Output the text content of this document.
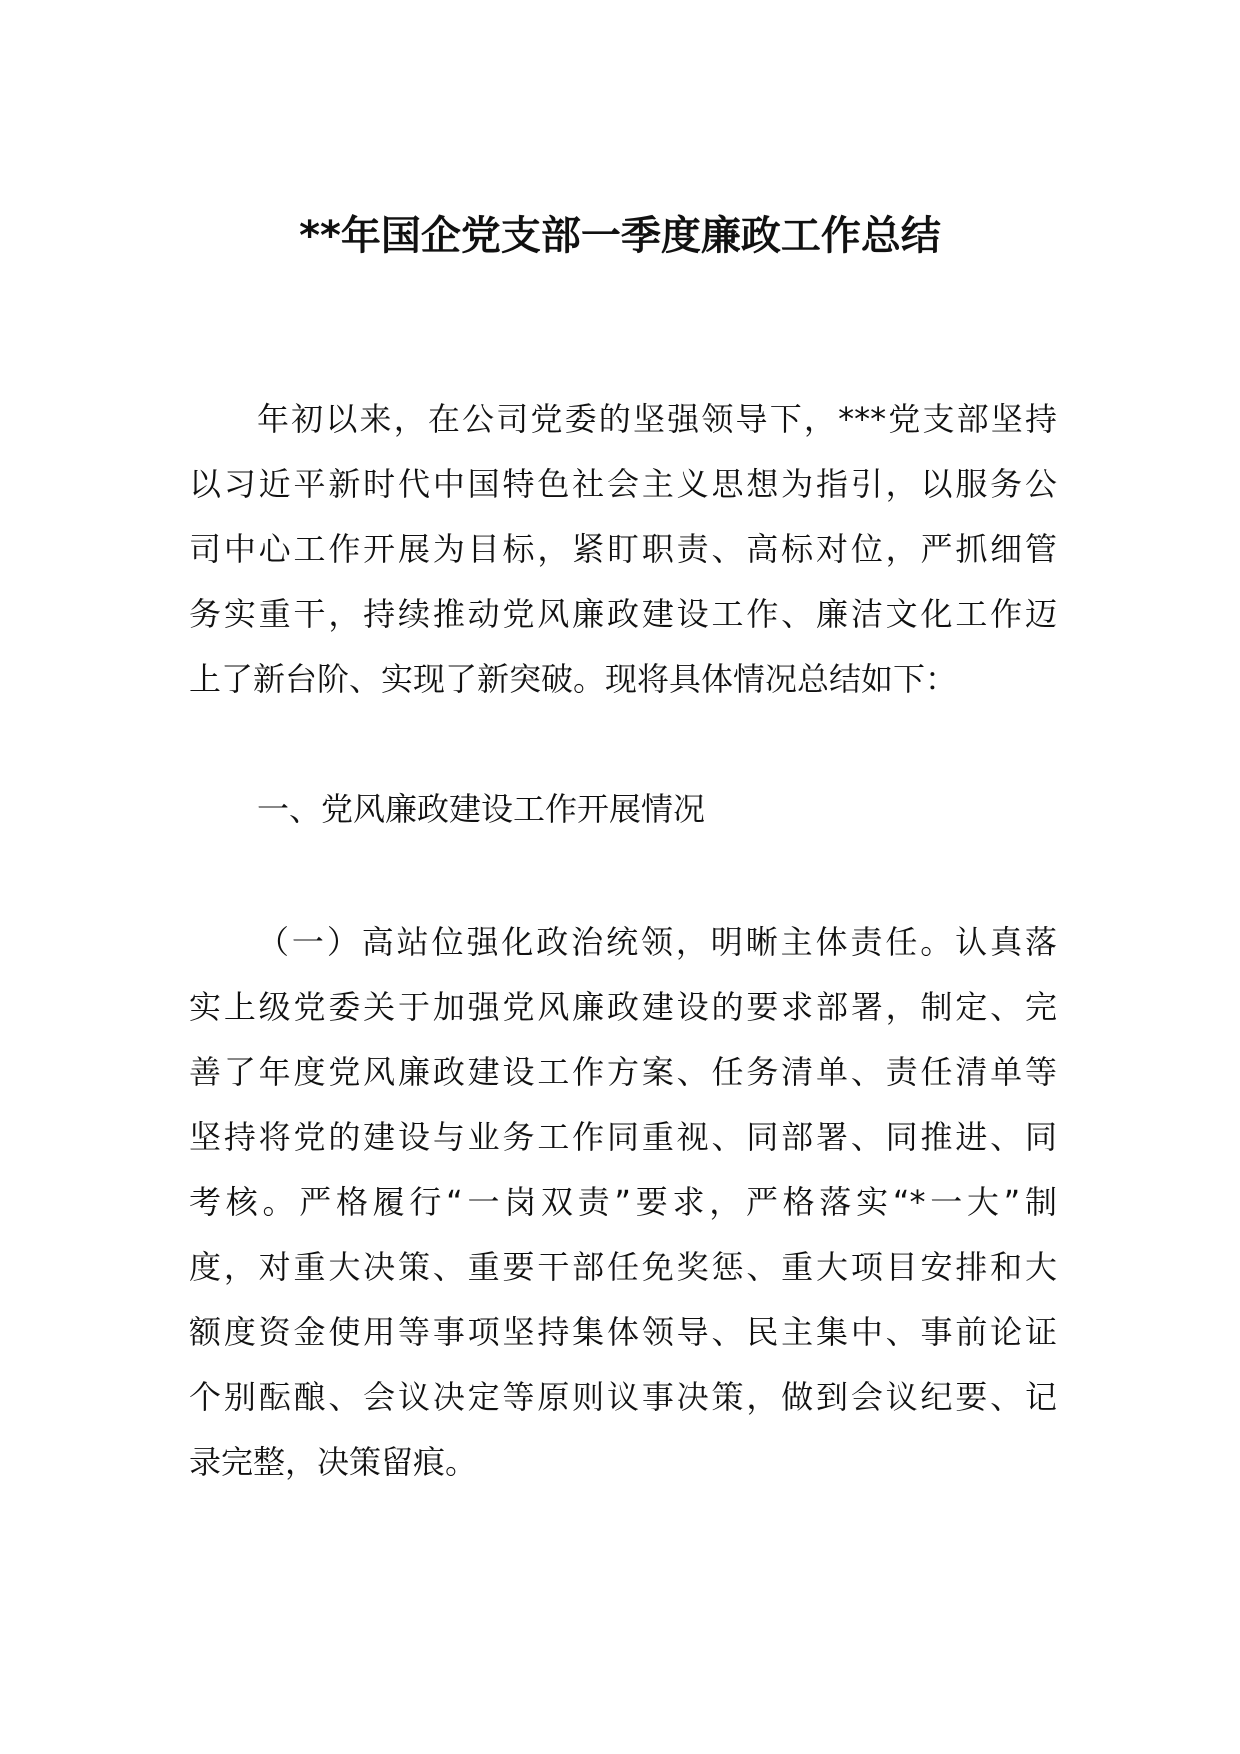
**年国企党支部一季度廉政工作总结
年初以来，在公司党委的坚强领导下，***党支部坚持
以习近平新时代中国特色社会主义思想为指引，以服务公
司中心工作开展为目标，紧盯职责、高标对位，严抓细管
务实重干，持续推动党风廉政建设工作、廉洁文化工作迈
上了新台阶、实现了新突破。现将具体情况总结如下：
一、党风廉政建设工作开展情况
（一）高站位强化政治统领，明晰主体责任。认真落
实上级党委关于加强党风廉政建设的要求部署，制定、完
善了年度党风廉政建设工作方案、任务清单、责任清单等
坚持将党的建设与业务工作同重视、同部署、同推进、同
考核。严格履行“一岗双责”要求，严格落实“*一大”制
度，对重大决策、重要干部任免奖惩、重大项目安排和大
额度资金使用等事项坚持集体领导、民主集中、事前论证
个别酝酿、会议决定等原则议事决策，做到会议纪要、记
录完整，决策留痕。
